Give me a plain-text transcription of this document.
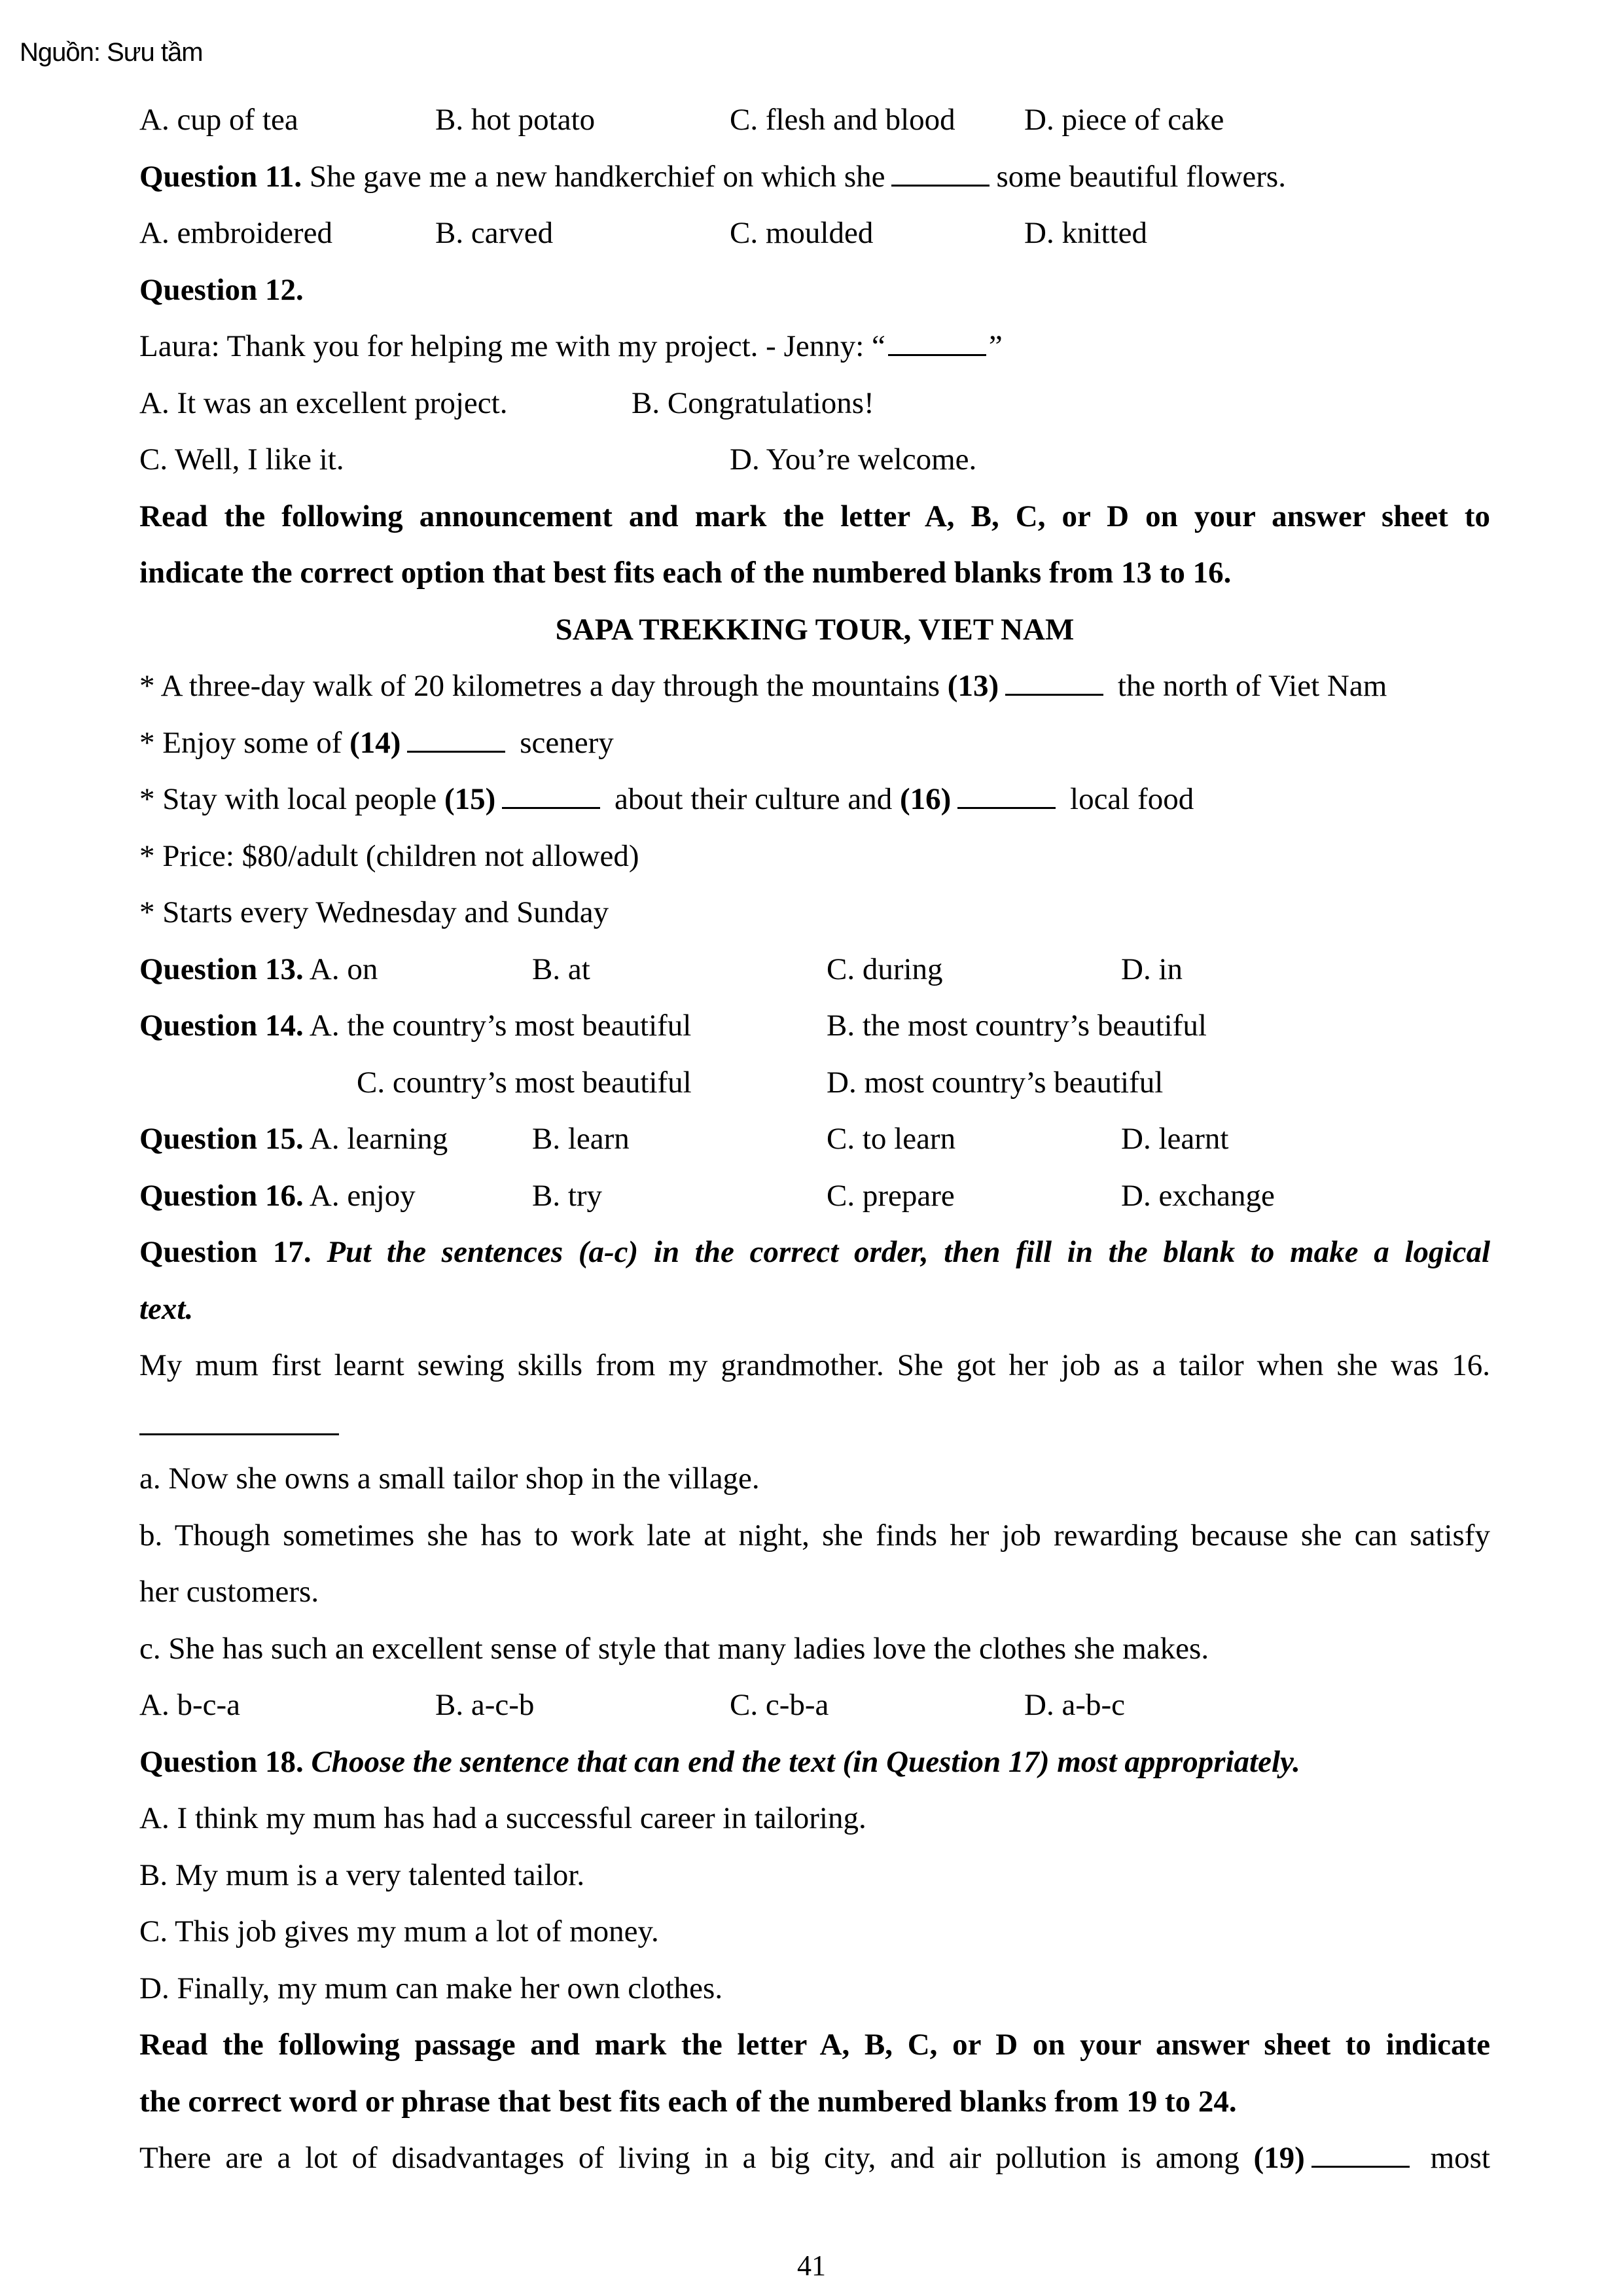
Nguồn: Sưu tầm
A. cup of tea	B. hot potato	C. flesh and blood D. piece of cake
Question 11. She gave me a new handkerchief on which she	some beautiful flowers.
A. embroidered	B. carved	C. moulded	D. knitted
Question 12.
Laura: Thank you for helping me with my project. - Jenny: “	”
A. It was an excellent project.	B. Congratulations!
C. Well, I like it.	D. You’re welcome.
Read the following announcement and mark the letter A, B, C, or D on your answer sheet to
indicate the correct option that best fits each of the numbered blanks from 13 to 16.
SAPA TREKKING TOUR, VIET NAM
* A three-day walk of 20 kilometres a day through the mountains (13)	the north of Viet Nam
* Enjoy some of (14)	scenery
* Stay with local people (15)	about their culture and (16)	local food
* Price: $80/adult (children not allowed)
* Starts every Wednesday and Sunday
Question 13. A. on	B. at	C. during	D. in
Question 14. A. the country’s most beautiful	B. the most country’s beautiful
C. country’s most beautiful	D. most country’s beautiful
Question 15. A. learning	B. learn	C. to learn	D. learnt
Question 16. A. enjoy	B. try	C. prepare	D. exchange
Question 17. Put the sentences (a-c) in the correct order, then fill in the blank to make a logical
text.
My mum first learnt sewing skills from my grandmother. She got her job as a tailor when she was 16.
a. Now she owns a small tailor shop in the village.
b. Though sometimes she has to work late at night, she finds her job rewarding because she can satisfy
her customers.
c. She has such an excellent sense of style that many ladies love the clothes she makes.
A. b-c-a	B. a-c-b	C. c-b-a	D. a-b-c
Question 18. Choose the sentence that can end the text (in Question 17) most appropriately.
A. I think my mum has had a successful career in tailoring.
B. My mum is a very talented tailor.
C. This job gives my mum a lot of money.
D. Finally, my mum can make her own clothes.
Read the following passage and mark the letter A, B, C, or D on your answer sheet to indicate
the correct word or phrase that best fits each of the numbered blanks from 19 to 24.
There are a lot of disadvantages of living in a big city, and air pollution is among (19)	most
41
